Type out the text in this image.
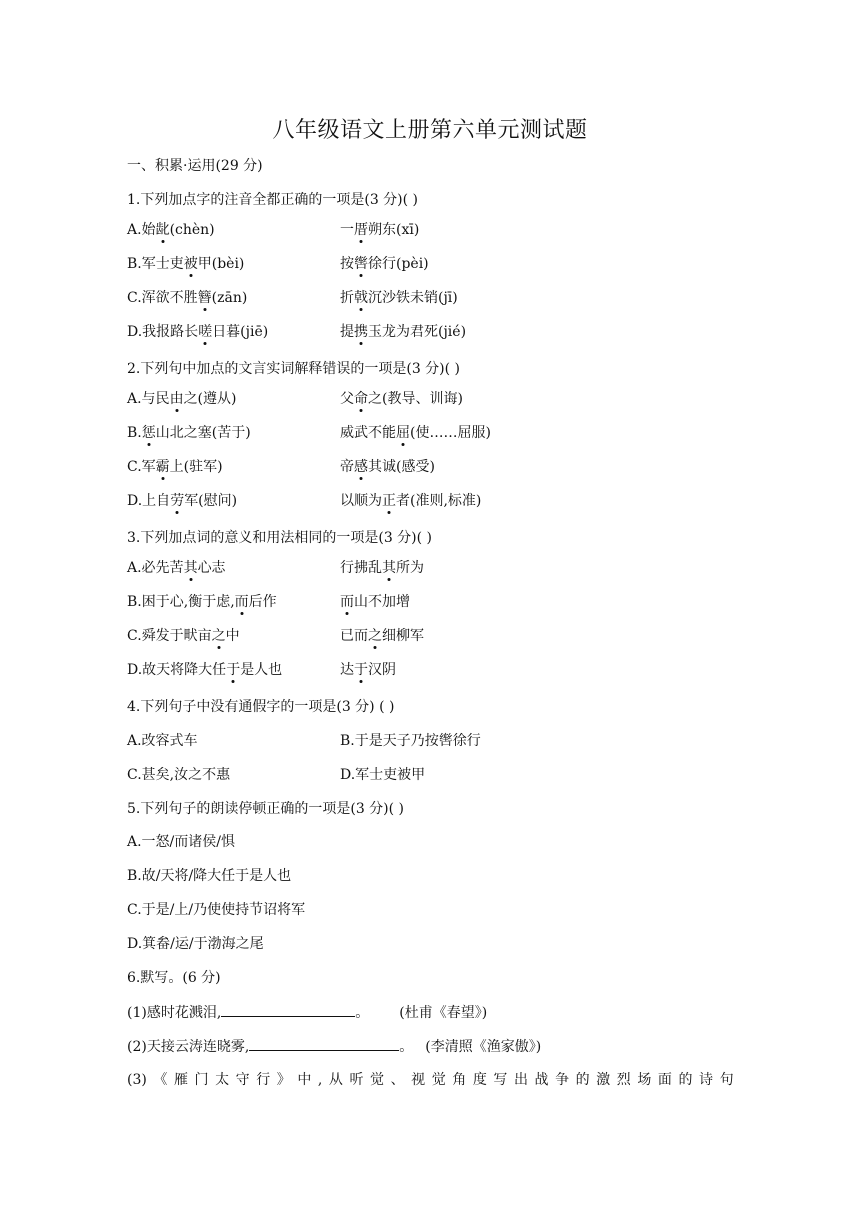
八年级语文上册第六单元测试题
一、积累·运用(29 分)
1.下列加点字的注音全都正确的一项是(3 分)( )
A.始龀(chèn)	一厝朔东(xī)
B.军士吏被甲(bèi)	按辔徐行(pèi)
C.浑欲不胜簪(zān)	折戟沉沙铁未销(jī)
D.我报路长嗟日暮(jiē)	提携玉龙为君死(jié)
2.下列句中加点的文言实词解释错误的一项是(3 分)( )
A.与民由之(遵从)	父命之(教导、训诲)
B.惩山北之塞(苦于)	威武不能屈(使……屈服)
C.军霸上(驻军)	帝感其诚(感受)
D.上自劳军(慰问)	以顺为正者(准则,标准)
3.下列加点词的意义和用法相同的一项是(3 分)( )
A.必先苦其心志	行拂乱其所为
B.困于心,衡于虑,而后作	而山不加增
C.舜发于畎亩之中	已而之细柳军
D.故天将降大任于是人也	达于汉阴
4.下列句子中没有通假字的一项是(3 分) ( )
A.改容式车	B.于是天子乃按辔徐行
C.甚矣,汝之不惠	D.军士吏被甲
5.下列句子的朗读停顿正确的一项是(3 分)( )
A.一怒/而诸侯/惧
B.故/天将/降大任于是人也
C.于是/上/乃使使持节诏将军
D.箕畚/运/于渤海之尾
6.默写。(6 分)
(1)感时花溅泪,	。 (杜甫《春望》)
(2)天接云涛连晓雾,	。 (李清照《渔家傲》)
(3) 《 雁 门 太 守 行 》 中 , 从 听 觉 、 视 觉 角 度 写 出 战 争 的 激 烈 场 面 的 诗 句
